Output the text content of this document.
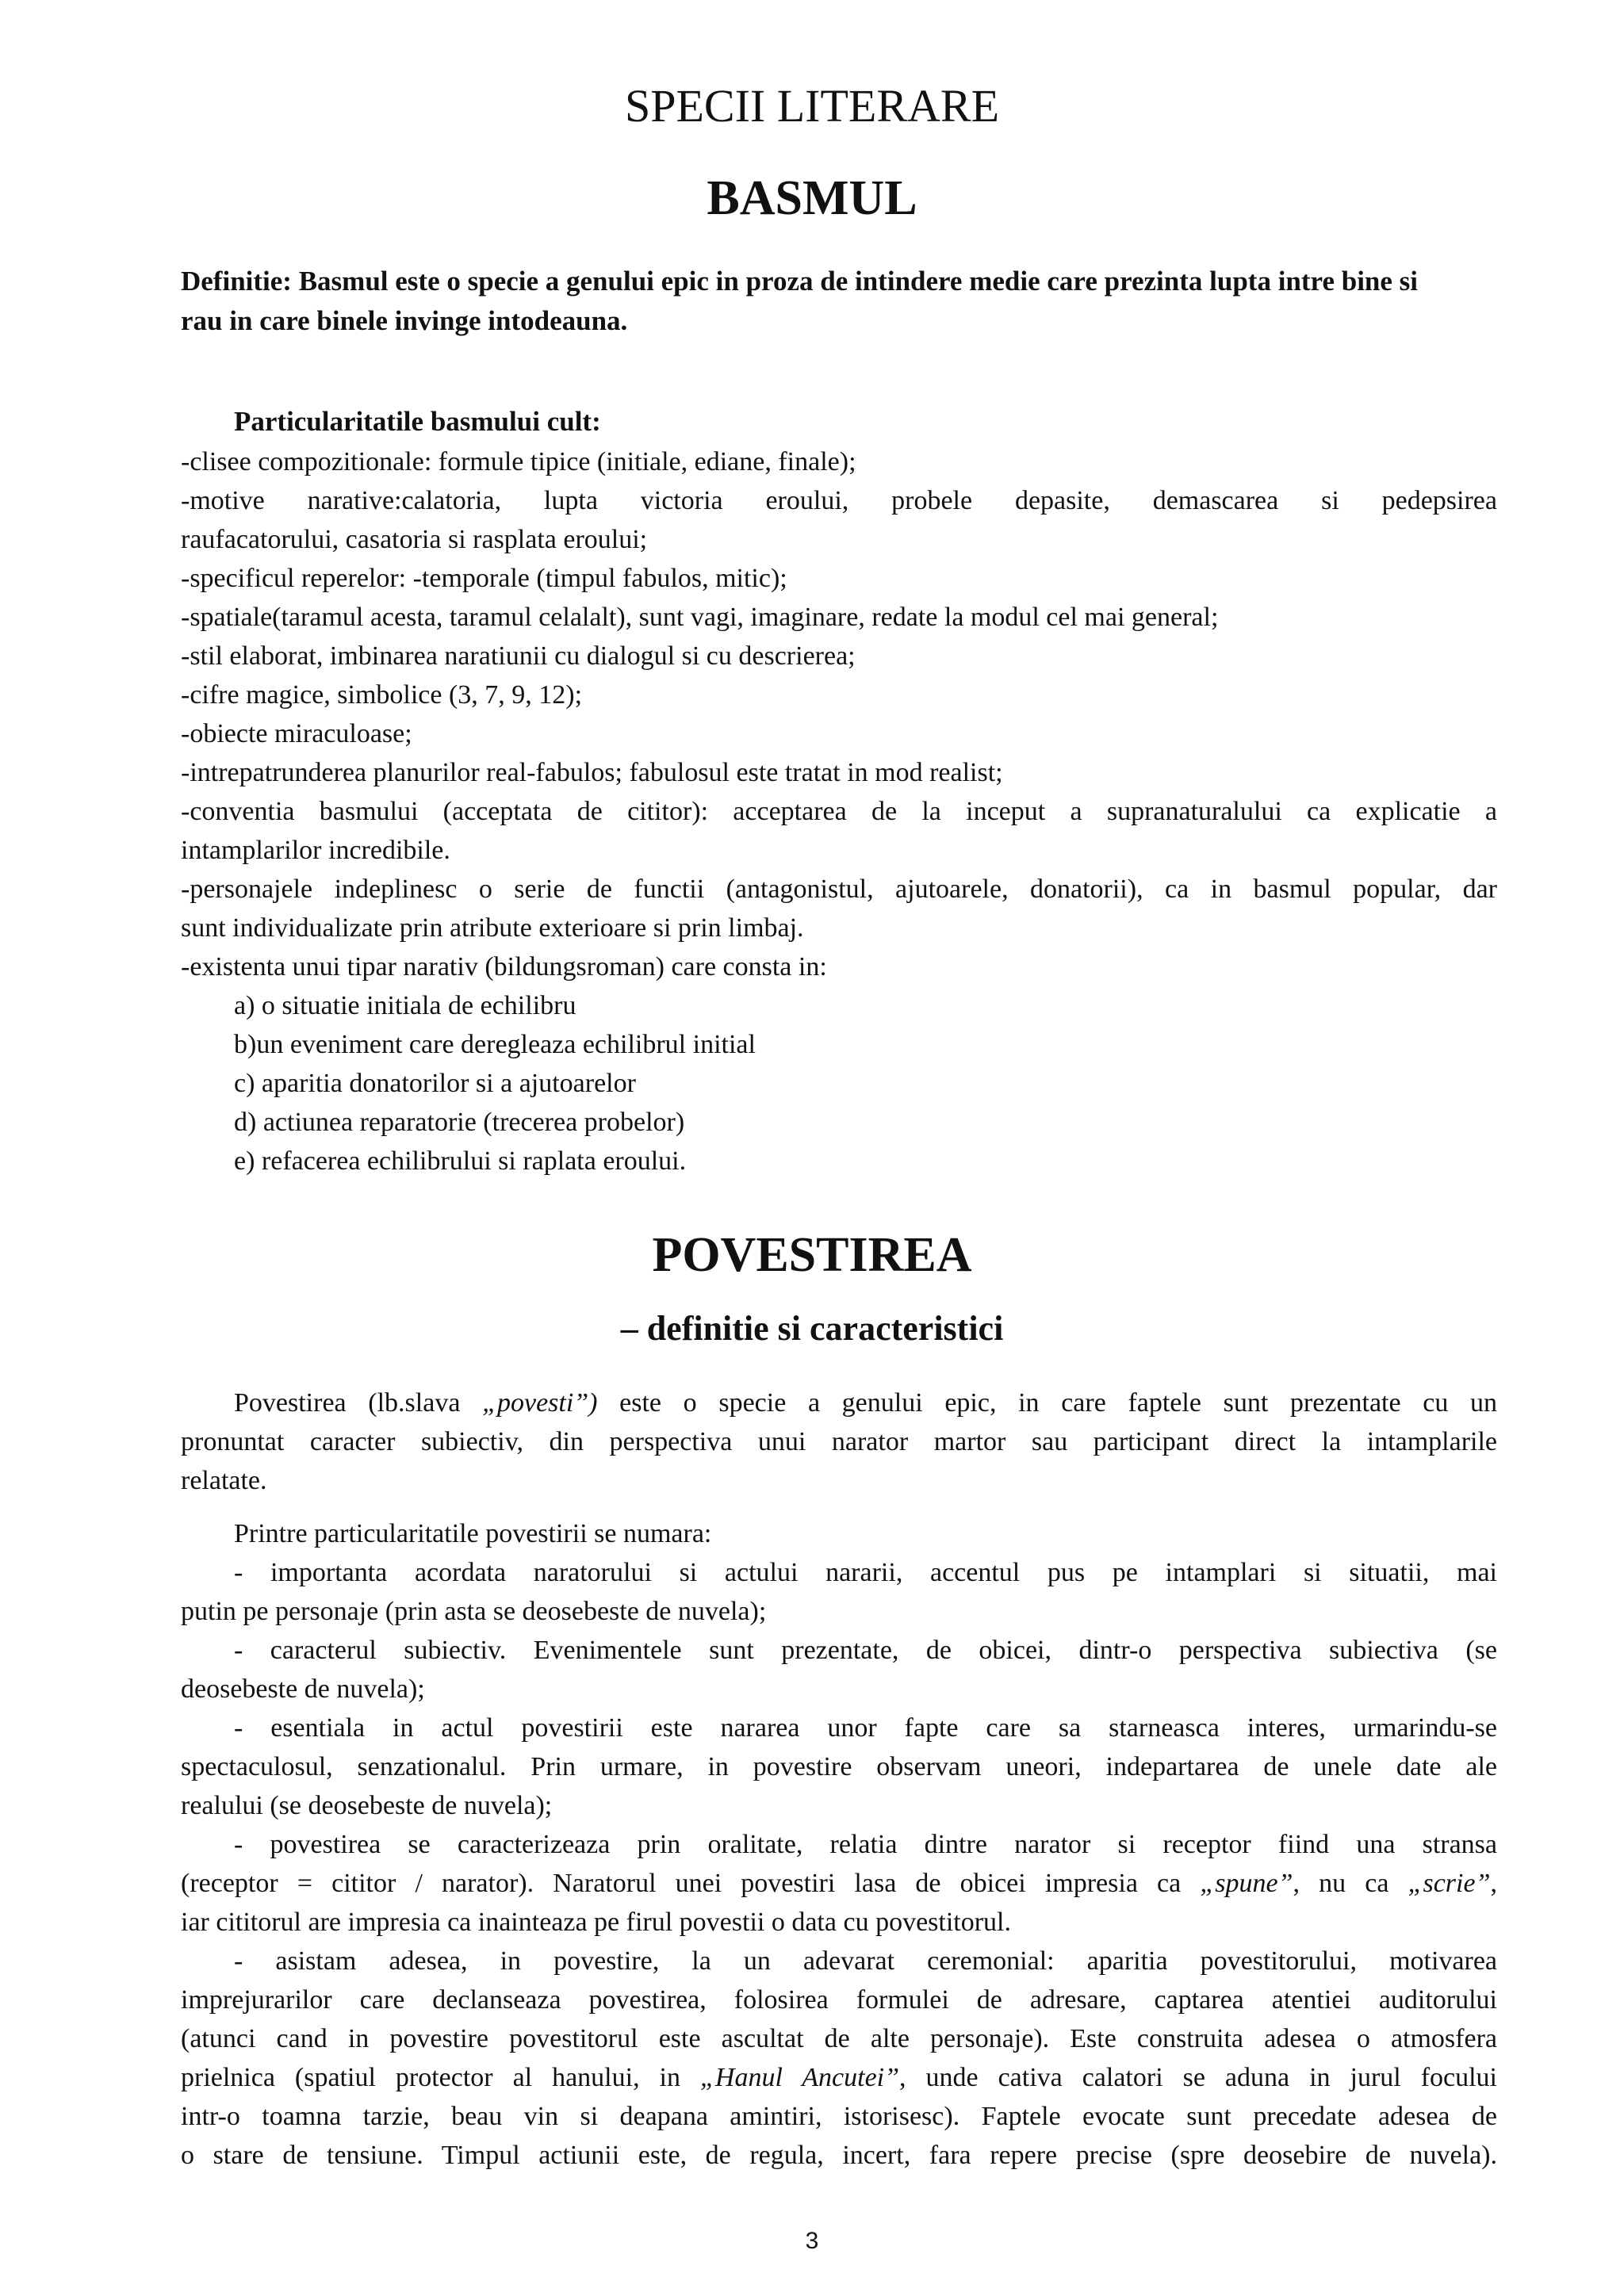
SPECII LITERARE
BASMUL

Definitie: Basmul este o specie a genului epic in proza de intindere medie care prezinta lupta intre bine si rau in care binele invinge intodeauna.

Particularitatile basmului cult:

-clisee compozitionale: formule tipice (initiale, ediane, finale);

-motive narative:calatoria, lupta victoria eroului, probele depasite, demascarea si pedepsirea

raufacatorului, casatoria si rasplata eroului;

-specificul reperelor: -temporale (timpul fabulos, mitic);

-spatiale(taramul acesta, taramul celalalt), sunt vagi, imaginare, redate la modul cel mai general;

-stil elaborat, imbinarea naratiunii cu dialogul si cu descrierea;

-cifre magice, simbolice (3, 7, 9, 12);

-obiecte miraculoase;

-intrepatrunderea planurilor real-fabulos; fabulosul este tratat in mod realist;

-conventia basmului (acceptata de cititor): acceptarea de la inceput a supranaturalului ca explicatie a

intamplarilor incredibile.

-personajele indeplinesc o serie de functii (antagonistul, ajutoarele, donatorii), ca in basmul popular, dar

sunt individualizate prin atribute exterioare si prin limbaj.

-existenta unui tipar narativ (bildungsroman) care consta in:

a) o situatie initiala de echilibru

b)un eveniment care deregleaza echilibrul initial

c) aparitia donatorilor si a ajutoarelor

d) actiunea reparatorie (trecerea probelor)

e) refacerea echilibrului si raplata eroului.

POVESTIREA
– definitie si caracteristici

Povestirea (lb.slava „povesti”) este o specie a genului epic, in care faptele sunt prezentate cu un

pronuntat caracter subiectiv, din perspectiva unui narator martor sau participant direct la intamplarile

relatate.

Printre particularitatile povestirii se numara:

- importanta acordata naratorului si actului nararii, accentul pus pe intamplari si situatii, mai

putin pe personaje (prin asta se deosebeste de nuvela);

- caracterul subiectiv. Evenimentele sunt prezentate, de obicei, dintr-o perspectiva subiectiva (se

deosebeste de nuvela);

- esentiala in actul povestirii este nararea unor fapte care sa starneasca interes, urmarindu-se

spectaculosul, senzationalul. Prin urmare, in povestire observam uneori, indepartarea de unele date ale

realului (se deosebeste de nuvela);

- povestirea se caracterizeaza prin oralitate, relatia dintre narator si receptor fiind una stransa

(receptor = cititor / narator). Naratorul unei povestiri lasa de obicei impresia ca „spune”, nu ca „scrie”,

iar cititorul are impresia ca inainteaza pe firul povestii o data cu povestitorul.

- asistam adesea, in povestire, la un adevarat ceremonial: aparitia povestitorului, motivarea

imprejurarilor care declanseaza povestirea, folosirea formulei de adresare, captarea atentiei auditorului

(atunci cand in povestire povestitorul este ascultat de alte personaje). Este construita adesea o atmosfera

prielnica (spatiul protector al hanului, in „Hanul Ancutei”, unde cativa calatori se aduna in jurul focului

intr-o toamna tarzie, beau vin si deapana amintiri, istorisesc). Faptele evocate sunt precedate adesea de

o stare de tensiune. Timpul actiunii este, de regula, incert, fara repere precise (spre deosebire de nuvela).

3
